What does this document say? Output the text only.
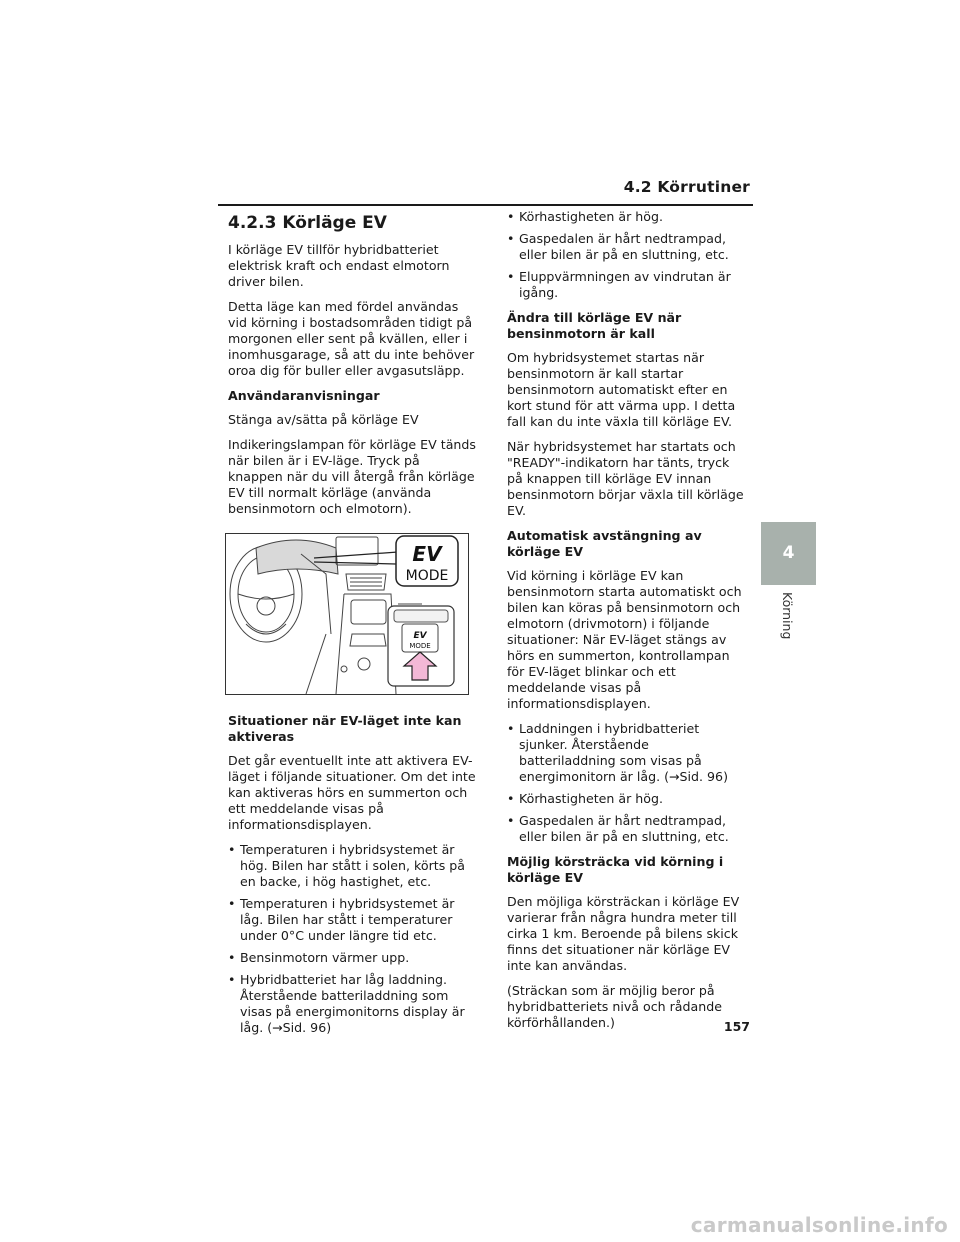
4.2 Körrutiner
4.2.3 Körläge EV

I körläge EV tillför hybridbatteriet elektrisk kraft och endast elmotorn driver bilen.

Detta läge kan med fördel användas vid körning i bostadsområden tidigt på morgonen eller sent på kvällen, eller i inomhusgarage, så att du inte behöver oroa dig för buller eller avgasutsläpp.

Användaranvisningar

Stänga av/sätta på körläge EV

Indikeringslampan för körläge EV tänds när bilen är i EV-läge. Tryck på knappen när du vill återgå från körläge EV till normalt körläge (använda bensinmotorn och elmotorn).

EV
MODE
EV
MODE
Situationer när EV-läget inte kan aktiveras

Det går eventuellt inte att aktivera EV-läget i följande situationer. Om det inte kan aktiveras hörs en summerton och ett meddelande visas på informationsdisplayen.

• Temperaturen i hybridsystemet är hög. Bilen har stått i solen, körts på en backe, i hög hastighet, etc.
• Temperaturen i hybridsystemet är låg. Bilen har stått i temperaturer under 0°C under längre tid etc.
• Bensinmotorn värmer upp.
• Hybridbatteriet har låg laddning. Återstående batteriladdning som visas på energimonitorns display är låg. (→Sid. 96)
• Körhastigheten är hög.
• Gaspedalen är hårt nedtrampad, eller bilen är på en sluttning, etc.
• Eluppvärmningen av vindrutan är igång.
Ändra till körläge EV när bensinmotorn är kall

Om hybridsystemet startas när bensinmotorn är kall startar bensinmotorn automatiskt efter en kort stund för att värma upp. I detta fall kan du inte växla till körläge EV.

När hybridsystemet har startats och "READY"-indikatorn har tänts, tryck på knappen till körläge EV innan bensinmotorn börjar växla till körläge EV.

Automatisk avstängning av körläge EV

Vid körning i körläge EV kan bensinmotorn starta automatiskt och bilen kan köras på bensinmotorn och elmotorn (drivmotorn) i följande situationer: När EV-läget stängs av hörs en summerton, kontrollampan för EV-läget blinkar och ett meddelande visas på informationsdisplayen.

• Laddningen i hybridbatteriet sjunker. Återstående batteriladdning som visas på energimonitorn är låg. (→Sid. 96)
• Körhastigheten är hög.
• Gaspedalen är hårt nedtrampad, eller bilen är på en sluttning, etc.
Möjlig körsträcka vid körning i körläge EV

Den möjliga körsträckan i körläge EV varierar från några hundra meter till cirka 1 km. Beroende på bilens skick finns det situationer när körläge EV inte kan användas.

(Sträckan som är möjlig beror på hybridbatteriets nivå och rådande körförhållanden.)

4
Körning
157
carmanualsonline.info
